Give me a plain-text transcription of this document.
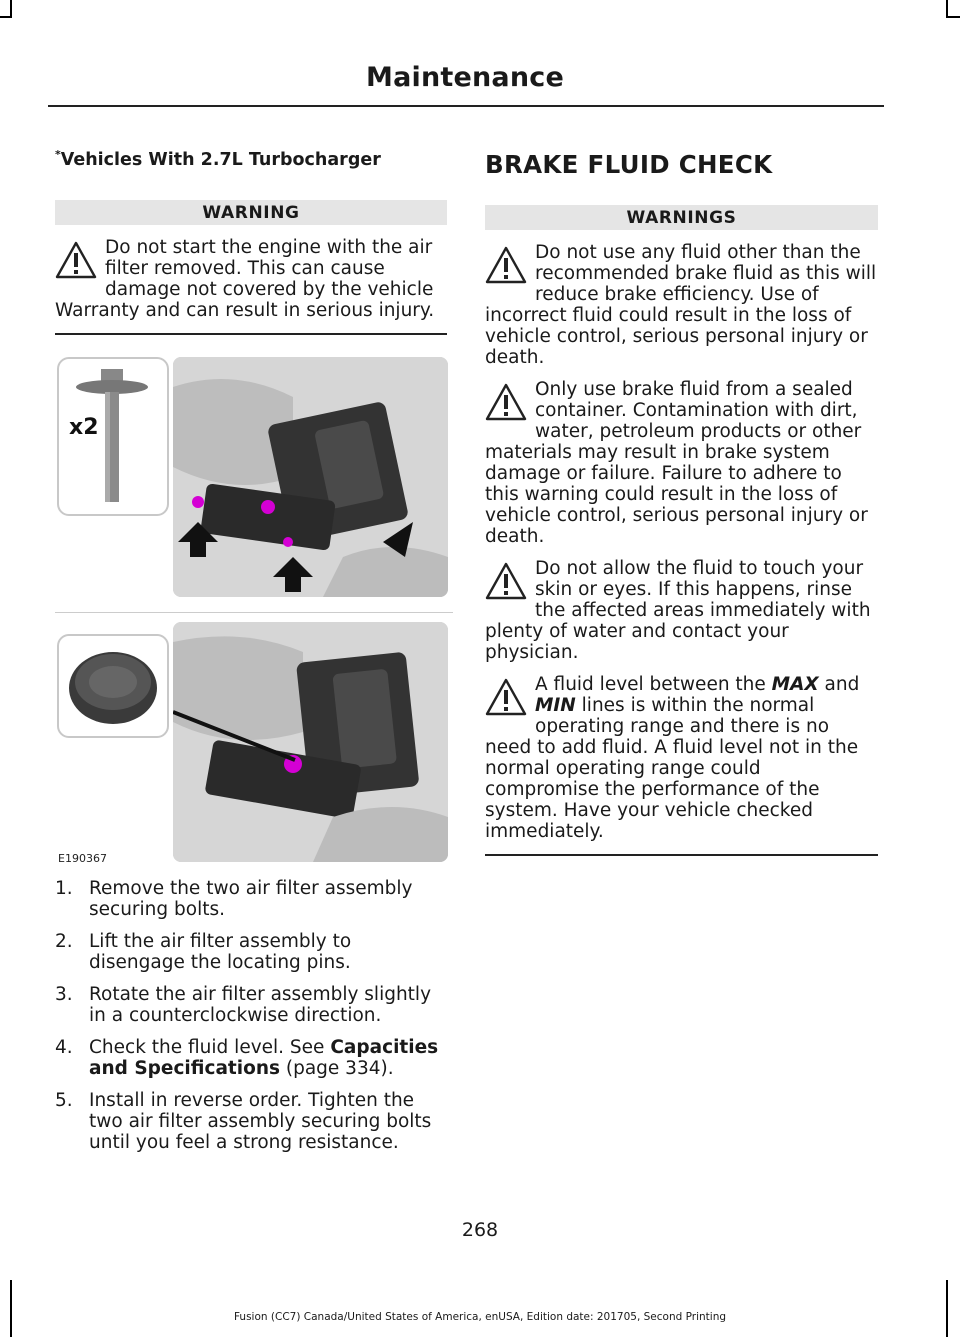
Maintenance
*Vehicles With 2.7L Turbocharger
WARNING
Do not start the engine with the air filter removed. This can cause damage not covered by the vehicle Warranty and can result in serious injury.
x2
E190367
1. Remove the two air filter assembly securing bolts.
2. Lift the air filter assembly to disengage the locating pins.
3. Rotate the air filter assembly slightly in a counterclockwise direction.
4. Check the fluid level. See Capacities and Specifications (page 334).
5. Install in reverse order. Tighten the two air filter assembly securing bolts until you feel a strong resistance.
BRAKE FLUID CHECK
WARNINGS
Do not use any fluid other than the recommended brake fluid as this will reduce brake efficiency. Use of incorrect fluid could result in the loss of vehicle control, serious personal injury or death.
Only use brake fluid from a sealed container. Contamination with dirt, water, petroleum products or other materials may result in brake system damage or failure. Failure to adhere to this warning could result in the loss of vehicle control, serious personal injury or death.
Do not allow the fluid to touch your skin or eyes. If this happens, rinse the affected areas immediately with plenty of water and contact your physician.
A fluid level between the MAX and MIN lines is within the normal operating range and there is no need to add fluid. A fluid level not in the normal operating range could compromise the performance of the system. Have your vehicle checked immediately.
268
Fusion (CC7) Canada/United States of America, enUSA, Edition date: 201705, Second Printing
